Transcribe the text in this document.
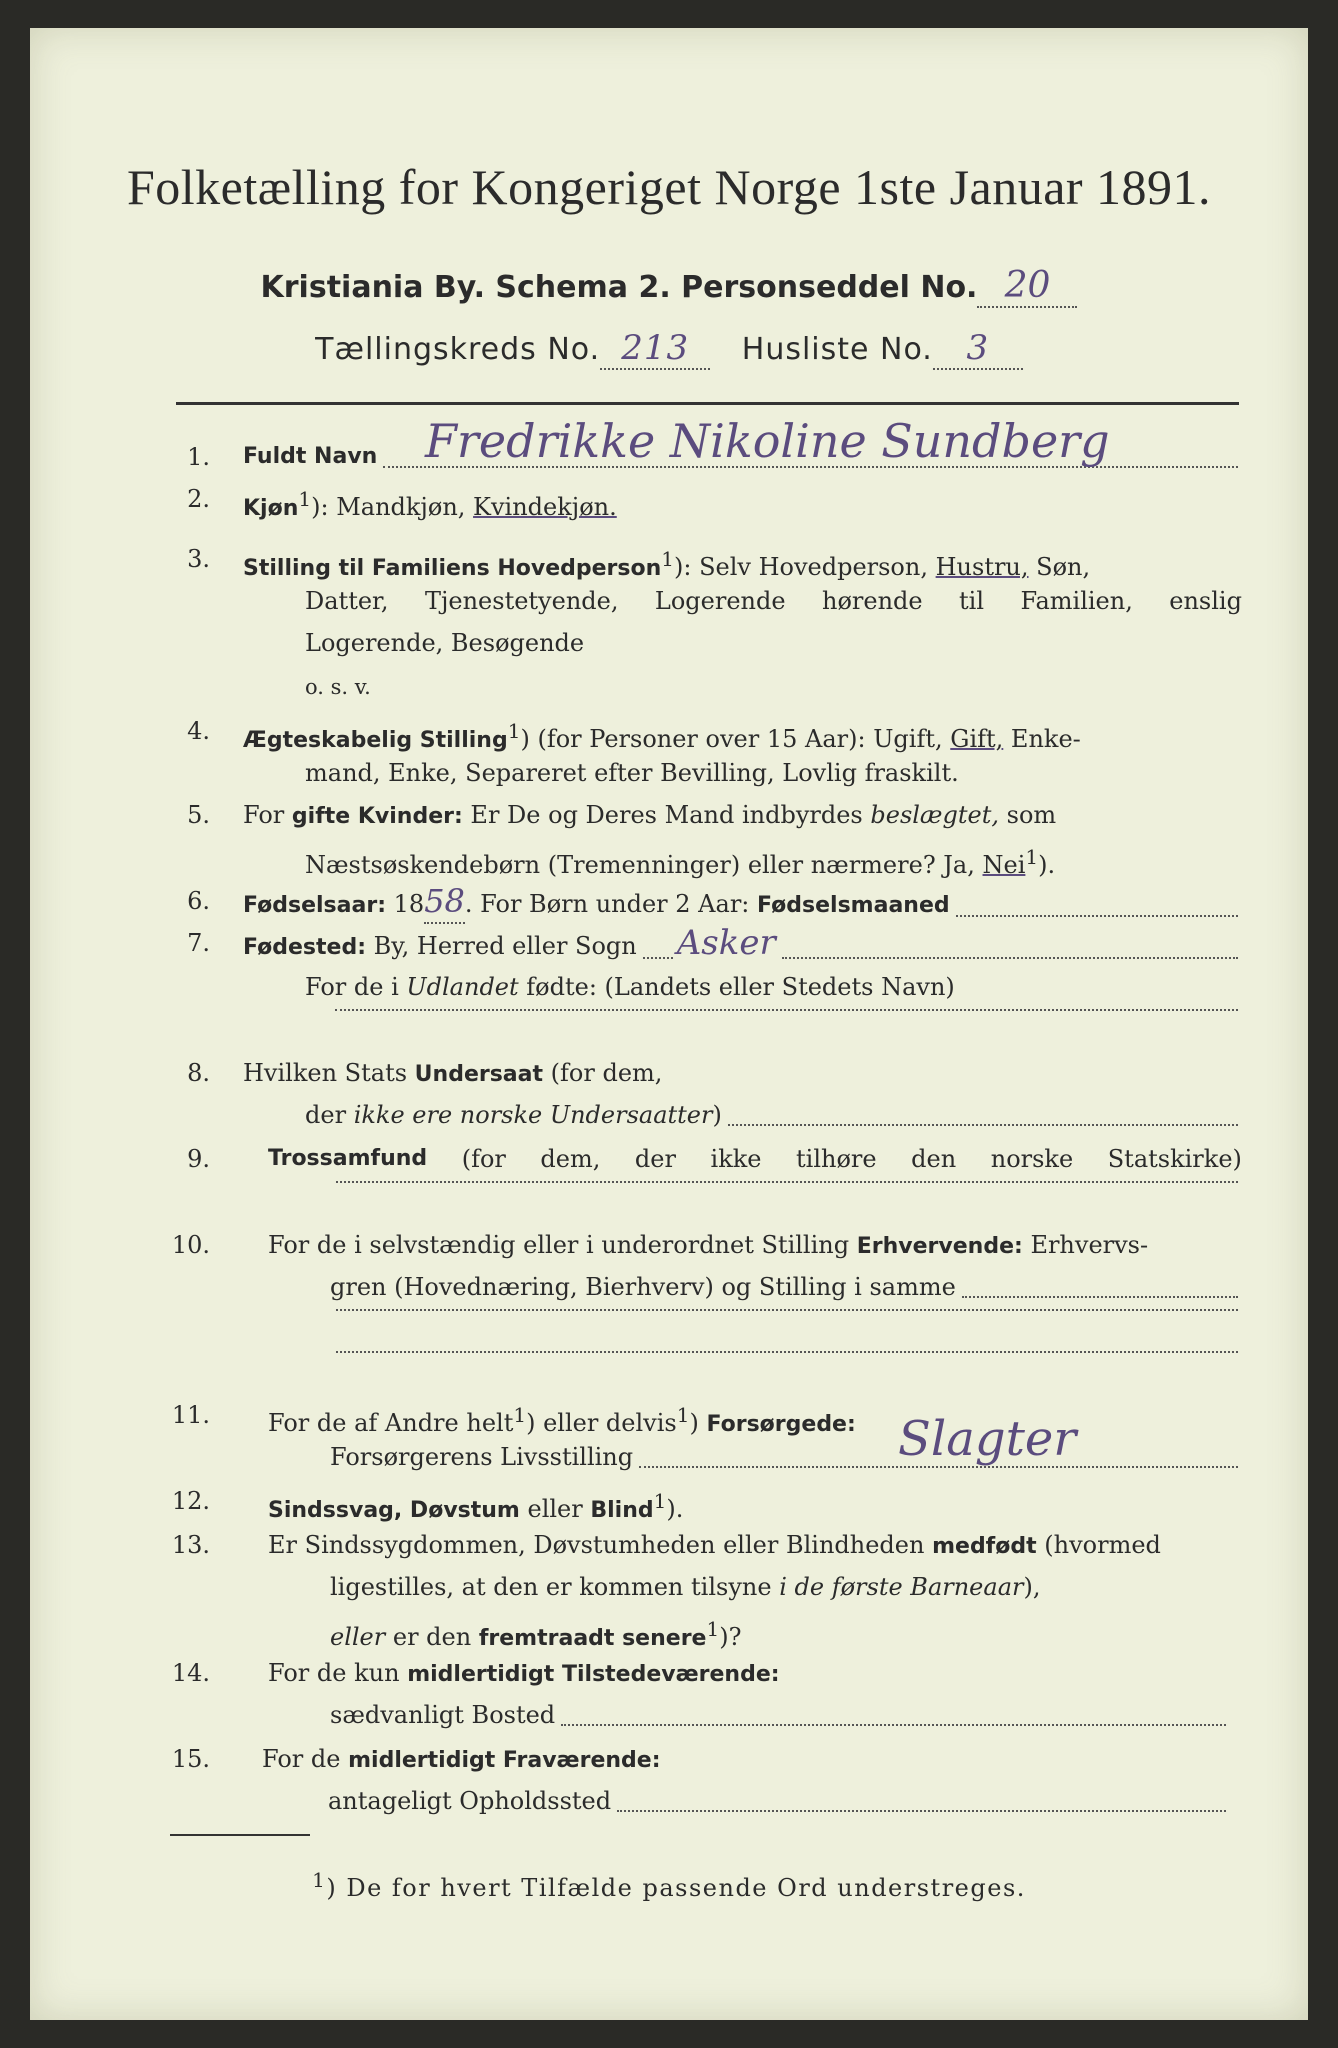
Folketælling for Kongeriget Norge 1ste Januar 1891.
Kristiania By. Schema 2. Personseddel No. 20
Tællingskreds No. 213 Husliste No. 3
1. Fuldt Navn Fredrikke Nikoline Sundberg
2. Kjøn$^1$): Mandkjøn, Kvindekjøn.
3. Stilling til Familiens Hovedperson$^1$): Selv Hovedperson, Hustru, Søn,
Datter, Tjenestetyende, Logerende hørende til Familien, enslig
Logerende, Besøgende
o. s. v.
4. Ægteskabelig Stilling$^1$) (for Personer over 15 Aar): Ugift, Gift, Enke-
mand, Enke, Separeret efter Bevilling, Lovlig fraskilt.
5. For gifte Kvinder: Er De og Deres Mand indbyrdes beslægtet, som
Næstsøskendebørn (Tremenninger) eller nærmere? Ja, Nei$^1$).
6. Fødselsaar:
18 58 . For Børn under 2 Aar:
Fødselsmaaned
7. Fødested:
By, Herred eller Sogn Asker
For de i Udlandet fødte: (Landets eller Stedets Navn)
8. Hvilken Stats Undersaat (for dem,
der
ikke ere norske Undersaatter )
9.	Trossamfund (for dem, der ikke tilhøre den norske Statskirke)
10. For de i selvstændig eller i underordnet Stilling Erhvervende: Erhvervs-
gren (Hovednæring, Bierhverv) og Stilling i samme
11. For de af Andre helt$^1$) eller delvis$^1$) Forsørgede:
Forsørgerens Livsstilling	Slagter
12.	Sindssvag, Døvstum eller Blind$^1$).
13. Er Sindssygdommen, Døvstumheden eller Blindheden medfødt (hvormed
ligestilles, at den er kommen tilsyne i de første Barneaar),
eller er den fremtraadt senere$^1$)?
14. For de kun midlertidigt Tilstedeværende:
sædvanligt Bosted
15. For de midlertidigt Fraværende:
antageligt Opholdssted
$^1$) De for hvert Tilfælde passende Ord understreges.
